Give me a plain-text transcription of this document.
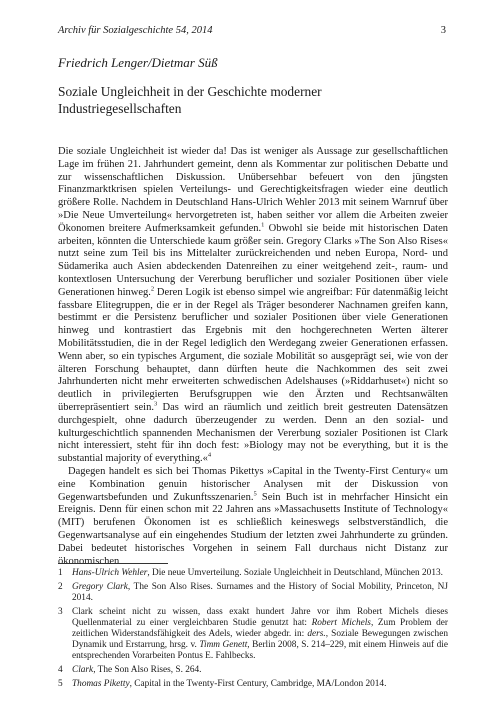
Archiv für Sozialgeschichte 54, 2014	3
Friedrich Lenger/Dietmar Süß
Soziale Ungleichheit in der Geschichte moderner Industriegesellschaften

Die soziale Ungleichheit ist wieder da! Das ist weniger als Aussage zur gesellschaftlichen Lage im frühen 21. Jahrhundert gemeint, denn als Kommentar zur politischen Debatte und zur wissenschaftlichen Diskussion. Unübersehbar befeuert von den jüngsten Finanzmarktkrisen spielen Verteilungs- und Gerechtigkeitsfragen wieder eine deutlich größere Rolle. Nachdem in Deutschland Hans-Ulrich Wehler 2013 mit seinem Warnruf über »Die Neue Umverteilung« hervorgetreten ist, haben seither vor allem die Arbeiten zweier Ökonomen breitere Aufmerksamkeit gefunden.$^1$ Obwohl sie beide mit historischen Daten arbeiten, könnten die Unterschiede kaum größer sein. Gregory Clarks »The Son Also Rises« nutzt seine zum Teil bis ins Mittelalter zurückreichenden und neben Europa, Nord- und Südamerika auch Asien abdeckenden Datenreihen zu einer weitgehend zeit-, raum- und kontextlosen Untersuchung der Vererbung beruflicher und sozialer Positionen über viele Generationen hinweg.$^2$ Deren Logik ist ebenso simpel wie angreifbar: Für datenmäßig leicht fassbare Elitegruppen, die er in der Regel als Träger besonderer Nachnamen greifen kann, bestimmt er die Persistenz beruflicher und sozialer Positionen über viele Generationen hinweg und kontrastiert das Ergebnis mit den hochgerechneten Werten älterer Mobilitätsstudien, die in der Regel lediglich den Werdegang zweier Generationen erfassen. Wenn aber, so ein typisches Argument, die soziale Mobilität so ausgeprägt sei, wie von der älteren Forschung behauptet, dann dürften heute die Nachkommen des seit zwei Jahrhunderten nicht mehr erweiterten schwedischen Adelshauses (»Riddarhuset«) nicht so deutlich in privilegierten Berufsgruppen wie den Ärzten und Rechtsanwälten überrepräsentiert sein.$^3$ Das wird an räumlich und zeitlich breit gestreuten Datensätzen durchgespielt, ohne dadurch überzeugender zu werden. Denn an den sozial- und kulturgeschichtlich spannenden Mechanismen der Vererbung sozialer Positionen ist Clark nicht interessiert, steht für ihn doch fest: »Biology may not be everything, but it is the substantial majority of everything.«$^4$

Dagegen handelt es sich bei Thomas Pikettys »Capital in the Twenty-First Century« um eine Kombination genuin historischer Analysen mit der Diskussion von Gegenwartsbefunden und Zukunftsszenarien.$^5$ Sein Buch ist in mehrfacher Hinsicht ein Ereignis. Denn für einen schon mit 22 Jahren ans »Massachusetts Institute of Technology« (MIT) berufenen Ökonomen ist es schließlich keineswegs selbstverständlich, die Gegenwartsanalyse auf ein eingehendes Studium der letzten zwei Jahrhunderte zu gründen. Dabei bedeutet historisches Vorgehen in seinem Fall durchaus nicht Distanz zur ökonomischen

1 Hans-Ulrich Wehler, Die neue Umverteilung. Soziale Ungleichheit in Deutschland, München 2013.
2 Gregory Clark, The Son Also Rises. Surnames and the History of Social Mobility, Princeton, NJ 2014.
3 Clark scheint nicht zu wissen, dass exakt hundert Jahre vor ihm Robert Michels dieses Quellenmaterial zu einer vergleichbaren Studie genutzt hat: Robert Michels, Zum Problem der zeitlichen Widerstandsfähigkeit des Adels, wieder abgedr. in: ders., Soziale Bewegungen zwischen Dynamik und Erstarrung, hrsg. v. Timm Genett, Berlin 2008, S. 214–229, mit einem Hinweis auf die entsprechenden Vorarbeiten Pontus E. Fahlbecks.
4 Clark, The Son Also Rises, S. 264.
5 Thomas Piketty, Capital in the Twenty-First Century, Cambridge, MA/London 2014.
